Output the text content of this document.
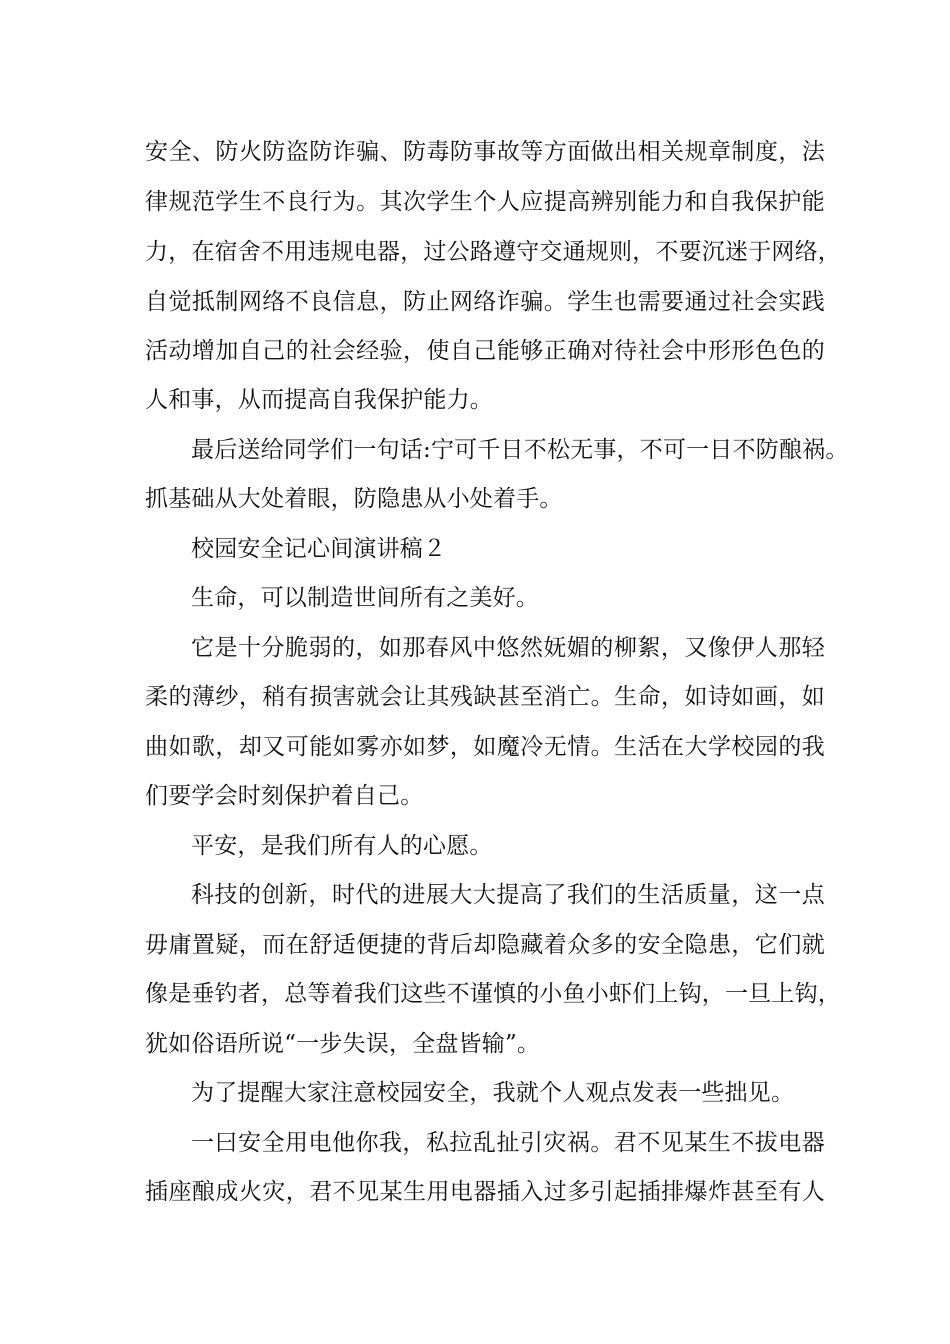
安全、防火防盗防诈骗、防毒防事故等方面做出相关规章制度，法
律规范学生不良行为。其次学生个人应提高辨别能力和自我保护能
力，在宿舍不用违规电器，过公路遵守交通规则，不要沉迷于网络，
自觉抵制网络不良信息，防止网络诈骗。学生也需要通过社会实践
活动增加自己的社会经验，使自己能够正确对待社会中形形色色的
人和事，从而提高自我保护能力。
最后送给同学们一句话:宁可千日不松无事，不可一日不防酿祸。
抓基础从大处着眼，防隐患从小处着手。
校园安全记心间演讲稿２
生命，可以制造世间所有之美好。
它是十分脆弱的，如那春风中悠然妩媚的柳絮，又像伊人那轻
柔的薄纱，稍有损害就会让其残缺甚至消亡。生命，如诗如画，如
曲如歌，却又可能如雾亦如梦，如魔冷无情。生活在大学校园的我
们要学会时刻保护着自己。
平安，是我们所有人的心愿。
科技的创新，时代的进展大大提高了我们的生活质量，这一点
毋庸置疑，而在舒适便捷的背后却隐藏着众多的安全隐患，它们就
像是垂钓者，总等着我们这些不谨慎的小鱼小虾们上钩，一旦上钩，
犹如俗语所说“一步失误，全盘皆输”。
为了提醒大家注意校园安全，我就个人观点发表一些拙见。
一曰安全用电他你我，私拉乱扯引灾祸。君不见某生不拔电器
插座酿成火灾，君不见某生用电器插入过多引起插排爆炸甚至有人
